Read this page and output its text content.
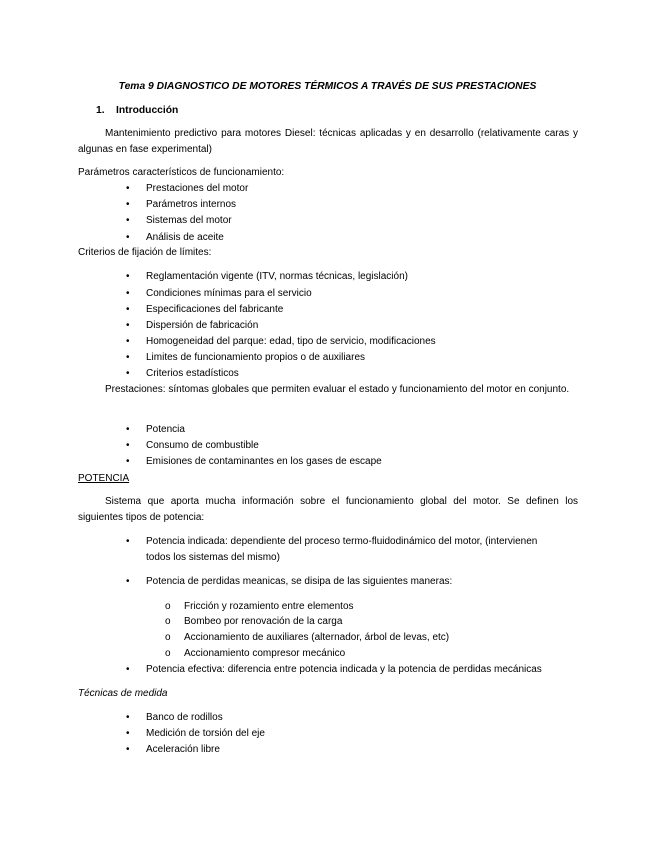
Tema 9 DIAGNOSTICO DE MOTORES TÉRMICOS A TRAVÉS DE SUS PRESTACIONES
1. Introducción
Mantenimiento predictivo para motores Diesel: técnicas aplicadas y en desarrollo (relativamente caras y algunas en fase experimental)
Parámetros característicos de funcionamiento:
• Prestaciones del motor
• Parámetros internos
• Sistemas del motor
• Análisis de aceite
Criterios de fijación de límites:
• Reglamentación vigente (ITV, normas técnicas, legislación)
• Condiciones mínimas para el servicio
• Especificaciones del fabricante
• Dispersión de fabricación
• Homogeneidad del parque: edad, tipo de servicio, modificaciones
• Limites de funcionamiento propios o de auxiliares
• Criterios estadísticos
Prestaciones: síntomas globales que permiten evaluar el estado y funcionamiento del motor en conjunto.
• Potencia
• Consumo de combustible
• Emisiones de contaminantes en los gases de escape
POTENCIA
Sistema que aporta mucha información sobre el funcionamiento global del motor. Se definen los siguientes tipos de potencia:
• Potencia indicada: dependiente del proceso termo-fluidodinámico del motor, (intervienen
todos los sistemas del mismo)
• Potencia de perdidas meanicas, se disipa de las siguientes maneras:
o Fricción y rozamiento entre elementos
o Bombeo por renovación de la carga
o Accionamiento de auxiliares (alternador, árbol de levas, etc)
o Accionamiento compresor mecánico
• Potencia efectiva: diferencia entre potencia indicada y la potencia de perdidas mecánicas
Técnicas de medida
• Banco de rodillos
• Medición de torsión del eje
• Aceleración libre
